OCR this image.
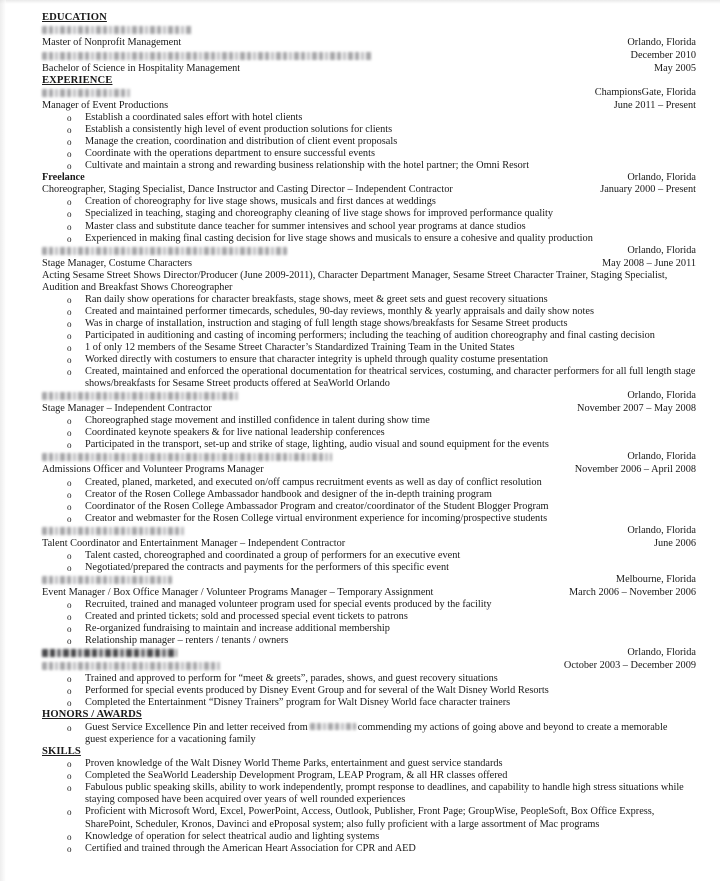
EDUCATION
Master of Nonprofit Management	Orlando, Florida

December 2010
Bachelor of Science in Hospitality Management	May 2005
EXPERIENCE
ChampionsGate, Florida
Manager of Event Productions	June 2011 – Present
o Establish a coordinated sales effort with hotel clients
o Establish a consistently high level of event production solutions for clients
o Manage the creation, coordination and distribution of client event proposals
o Coordinate with the operations department to ensure successful events
o Cultivate and maintain a strong and rewarding business relationship with the hotel partner; the Omni Resort
Freelance	Orlando, Florida
Choreographer, Staging Specialist, Dance Instructor and Casting Director – Independent Contractor	January 2000 – Present
o Creation of choreography for live stage shows, musicals and first dances at weddings
o Specialized in teaching, staging and choreography cleaning of live stage shows for improved performance quality
o Master class and substitute dance teacher for summer intensives and school year programs at dance studios
o Experienced in making final casting decision for live stage shows and musicals to ensure a cohesive and quality production
Orlando, Florida
Stage Manager, Costume Characters	May 2008 – June 2011
Acting Sesame Street Shows Director/Producer (June 2009-2011), Character Department Manager, Sesame Street Character Trainer, Staging Specialist, Audition and Breakfast Shows Choreographer
o Ran daily show operations for character breakfasts, stage shows, meet & greet sets and guest recovery situations
o Created and maintained performer timecards, schedules, 90-day reviews, monthly & yearly appraisals and daily show notes
o Was in charge of installation, instruction and staging of full length stage shows/breakfasts for Sesame Street products
o Participated in auditioning and casting of incoming performers; including the teaching of audition choreography and final casting decision
o 1 of only 12 members of the Sesame Street Character’s Standardized Training Team in the United States
o Worked directly with costumers to ensure that character integrity is upheld through quality costume presentation
o Created, maintained and enforced the operational documentation for theatrical services, costuming, and character performers for all full length stage shows/breakfasts for Sesame Street products offered at SeaWorld Orlando
Orlando, Florida
Stage Manager – Independent Contractor	November 2007 – May 2008
o Choreographed stage movement and instilled confidence in talent during show time
o Coordinated keynote speakers & for live national leadership conferences
o Participated in the transport, set-up and strike of stage, lighting, audio visual and sound equipment for the events
Orlando, Florida
Admissions Officer and Volunteer Programs Manager	November 2006 – April 2008
o Created, planed, marketed, and executed on/off campus recruitment events as well as day of conflict resolution
o Creator of the Rosen College Ambassador handbook and designer of the in-depth training program
o Coordinator of the Rosen College Ambassador Program and creator/coordinator of the Student Blogger Program
o Creator and webmaster for the Rosen College virtual environment experience for incoming/prospective students
Orlando, Florida
Talent Coordinator and Entertainment Manager – Independent Contractor	June 2006
o Talent casted, choreographed and coordinated a group of performers for an executive event
o Negotiated/prepared the contracts and payments for the performers of this specific event
Melbourne, Florida
Event Manager / Box Office Manager / Volunteer Programs Manager – Temporary Assignment	March 2006 – November 2006
o Recruited, trained and managed volunteer program used for special events produced by the facility
o Created and printed tickets; sold and processed special event tickets to patrons
o Re-organized fundraising to maintain and increase additional membership
o Relationship manager – renters / tenants / owners
Orlando, Florida
October 2003 – December 2009
o Trained and approved to perform for “meet & greets”, parades, shows, and guest recovery situations
o Performed for special events produced by Disney Event Group and for several of the Walt Disney World Resorts
o Completed the Entertainment “Disney Trainers” program for Walt Disney World face character trainers
HONORS / AWARDS
o Guest Service Excellence Pin and letter received from	commending my actions of going above and beyond to create a memorable
guest experience for a vacationing family
SKILLS
o Proven knowledge of the Walt Disney World Theme Parks, entertainment and guest service standards
o Completed the SeaWorld Leadership Development Program, LEAP Program, & all HR classes offered
o Fabulous public speaking skills, ability to work independently, prompt response to deadlines, and capability to handle high stress situations while staying composed have been acquired over years of well rounded experiences
o Proficient with Microsoft Word, Excel, PowerPoint, Access, Outlook, Publisher, Front Page; GroupWise, PeopleSoft, Box Office Express, SharePoint, Scheduler, Kronos, Davinci and eProposal system; also fully proficient with a large assortment of Mac programs
o Knowledge of operation for select theatrical audio and lighting systems
o Certified and trained through the American Heart Association for CPR and AED
